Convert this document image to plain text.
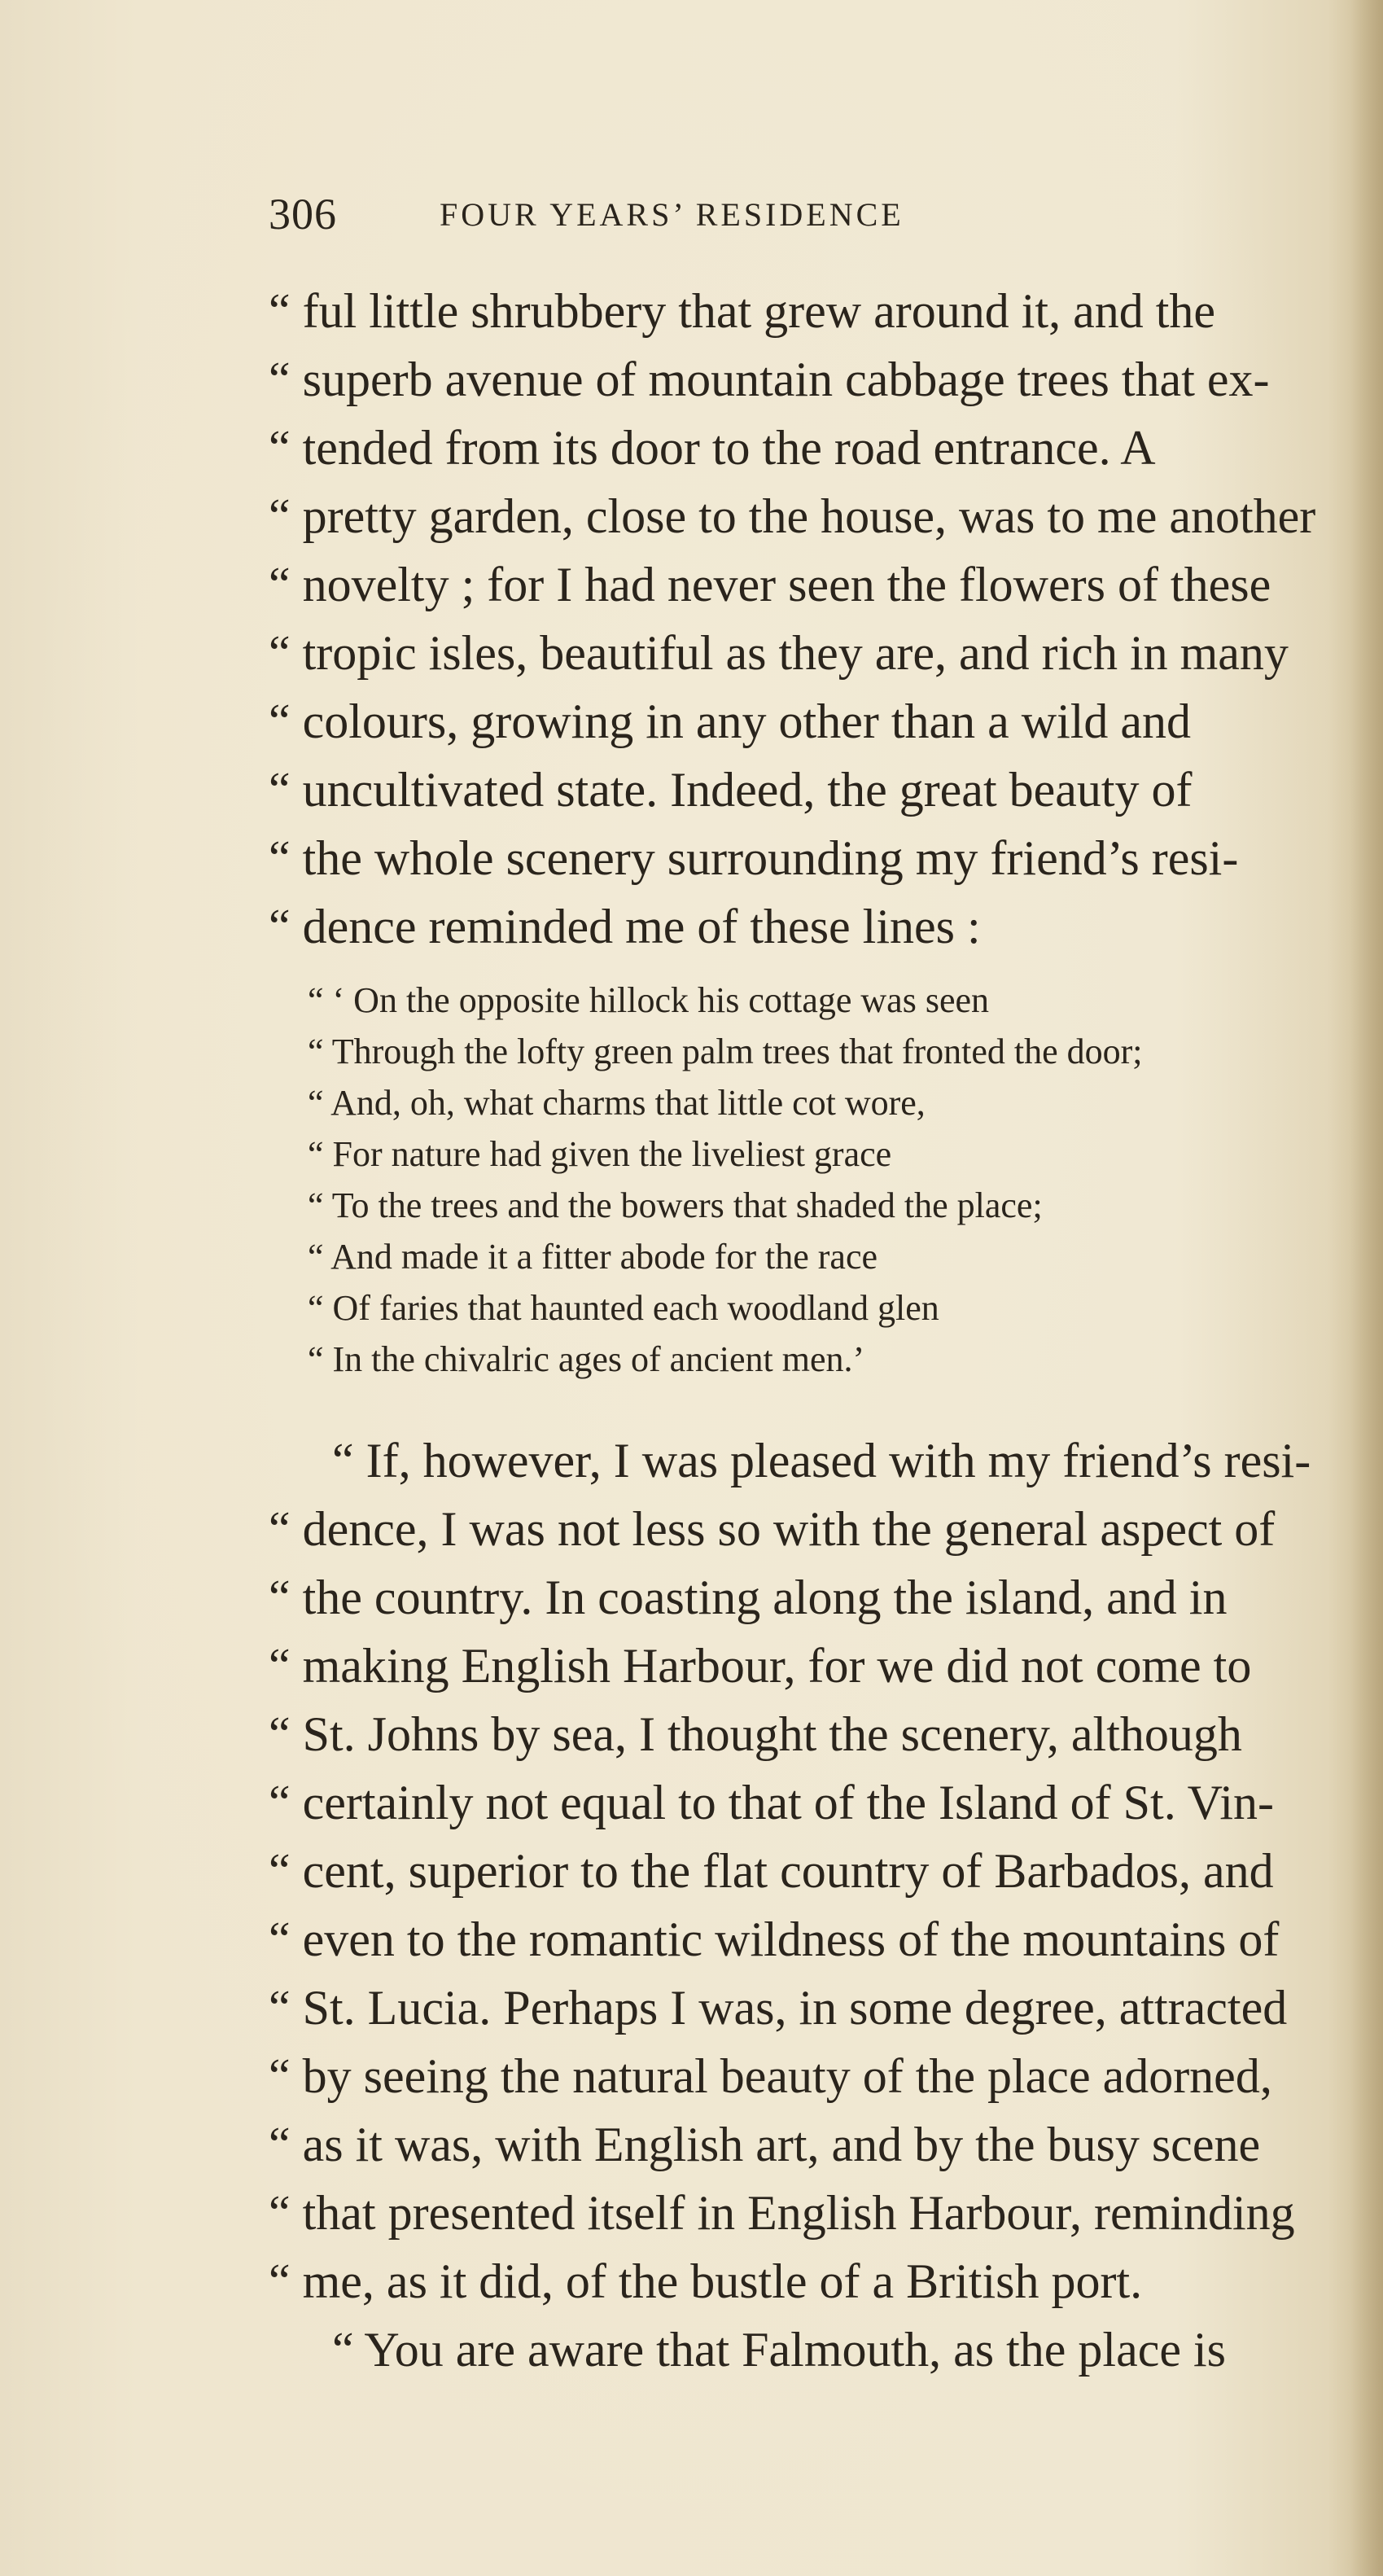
306	FOUR YEARS’ RESIDENCE
“ ful little shrubbery that grew around it, and the
“ superb avenue of mountain cabbage trees that ex-
“ tended from its door to the road entrance. A
“ pretty garden, close to the house, was to me another
“ novelty ; for I had never seen the flowers of these
“ tropic isles, beautiful as they are, and rich in many
“ colours, growing in any other than a wild and
“ uncultivated state. Indeed, the great beauty of
“ the whole scenery surrounding my friend’s resi-
“ dence reminded me of these lines :
“ ‘ On the opposite hillock his cottage was seen
“ Through the lofty green palm trees that fronted the door;
“ And, oh, what charms that little cot wore,
“ For nature had given the liveliest grace
“ To the trees and the bowers that shaded the place;
“ And made it a fitter abode for the race
“ Of faries that haunted each woodland glen
“ In the chivalric ages of ancient men.’
“ If, however, I was pleased with my friend’s resi-
“ dence, I was not less so with the general aspect of
“ the country. In coasting along the island, and in
“ making English Harbour, for we did not come to
“ St. Johns by sea, I thought the scenery, although
“ certainly not equal to that of the Island of St. Vin-
“ cent, superior to the flat country of Barbados, and
“ even to the romantic wildness of the mountains of
“ St. Lucia. Perhaps I was, in some degree, attracted
“ by seeing the natural beauty of the place adorned,
“ as it was, with English art, and by the busy scene
“ that presented itself in English Harbour, reminding
“ me, as it did, of the bustle of a British port.
“ You are aware that Falmouth, as the place is
